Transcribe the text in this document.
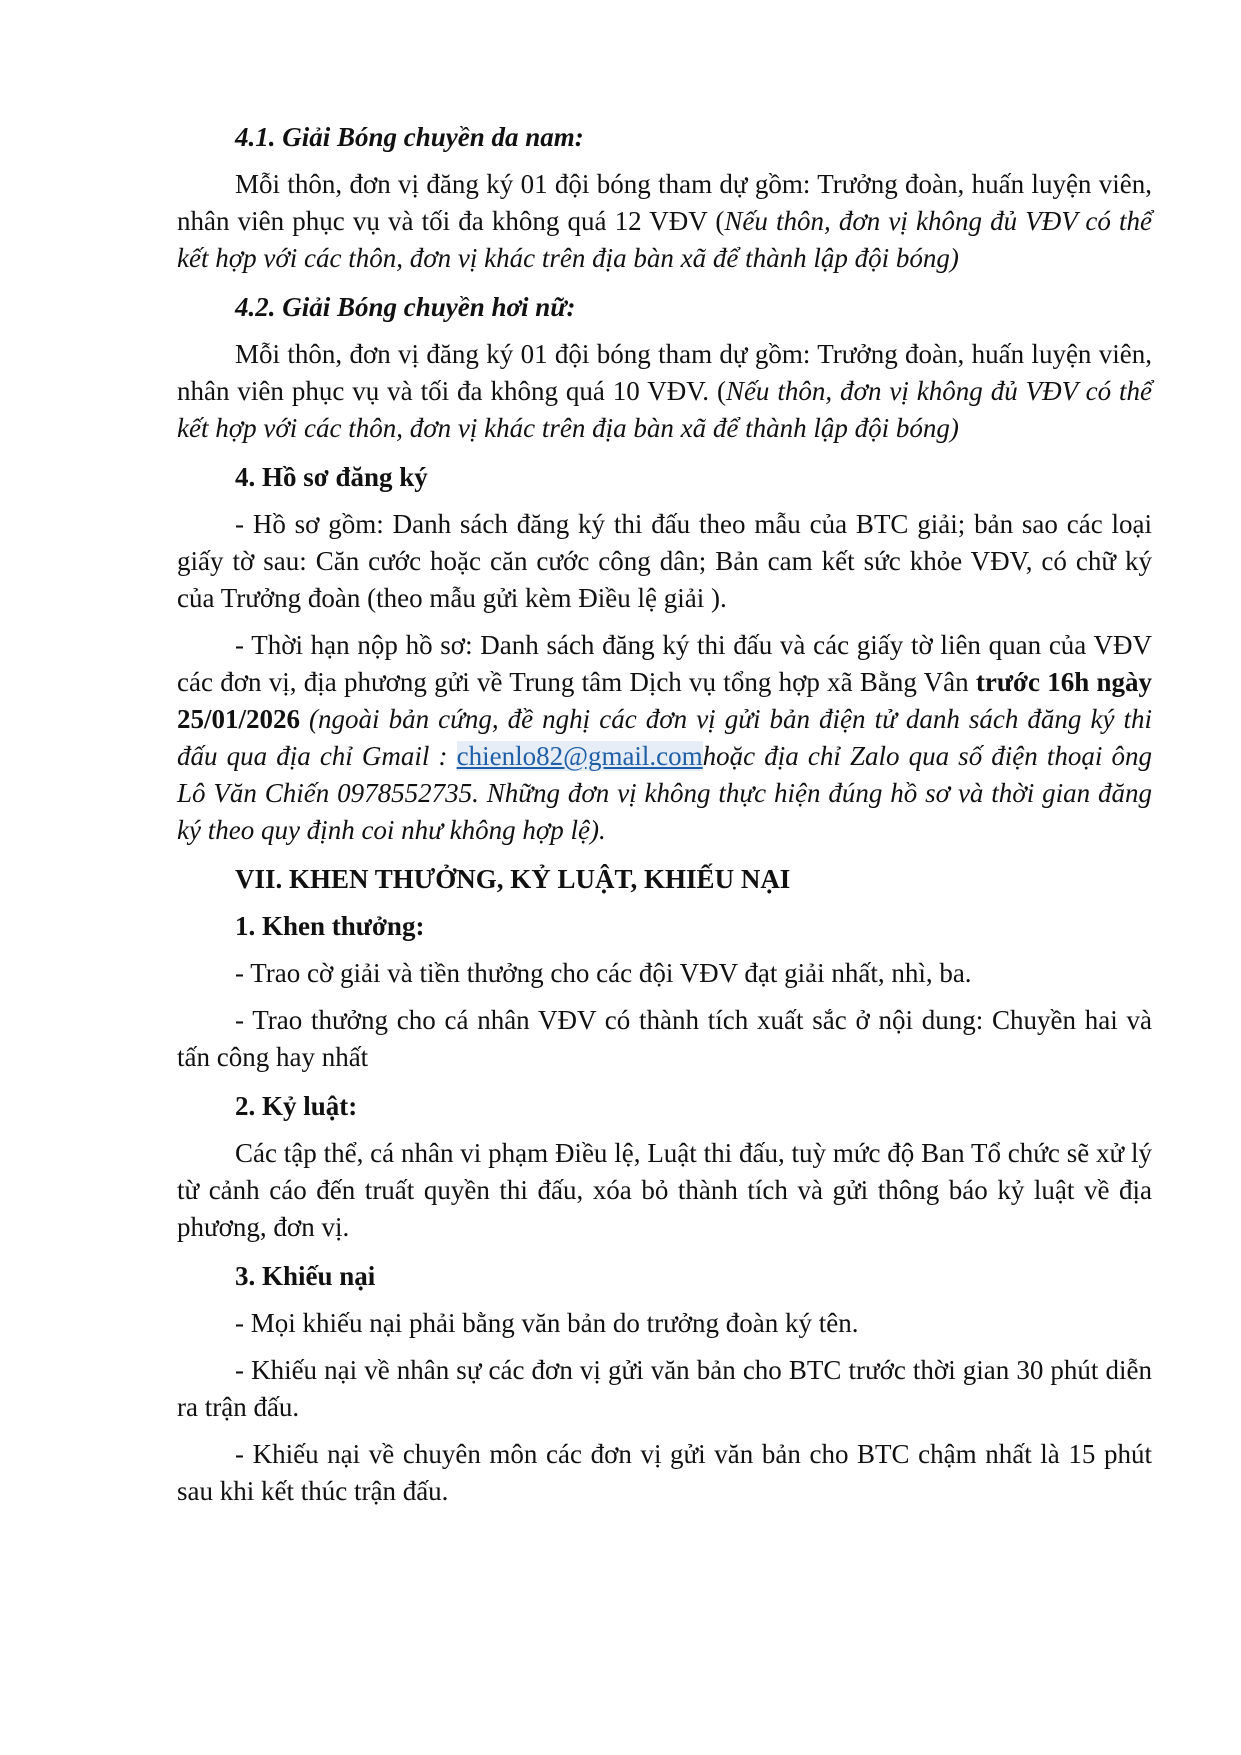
4.1. Giải Bóng chuyền da nam:

Mỗi thôn, đơn vị đăng ký 01 đội bóng tham dự gồm: Trưởng đoàn, huấn luyện viên, nhân viên phục vụ và tối đa không quá 12 VĐV (Nếu thôn, đơn vị không đủ VĐV có thể kết hợp với các thôn, đơn vị khác trên địa bàn xã để thành lập đội bóng)

4.2. Giải Bóng chuyền hơi nữ:

Mỗi thôn, đơn vị đăng ký 01 đội bóng tham dự gồm: Trưởng đoàn, huấn luyện viên, nhân viên phục vụ và tối đa không quá 10 VĐV. (Nếu thôn, đơn vị không đủ VĐV có thể kết hợp với các thôn, đơn vị khác trên địa bàn xã để thành lập đội bóng)

4. Hồ sơ đăng ký

- Hồ sơ gồm: Danh sách đăng ký thi đấu theo mẫu của BTC giải; bản sao các loại giấy tờ sau: Căn cước hoặc căn cước công dân; Bản cam kết sức khỏe VĐV, có chữ ký của Trưởng đoàn (theo mẫu gửi kèm Điều lệ giải ).

- Thời hạn nộp hồ sơ: Danh sách đăng ký thi đấu và các giấy tờ liên quan của VĐV các đơn vị, địa phương gửi về Trung tâm Dịch vụ tổng hợp xã Bằng Vân trước 16h ngày 25/01/2026 (ngoài bản cứng, đề nghị các đơn vị gửi bản điện tử danh sách đăng ký thi đấu qua địa chỉ Gmail : chienlo82@gmail.comhoặc địa chỉ Zalo qua số điện thoại ông Lô Văn Chiến 0978552735. Những đơn vị không thực hiện đúng hồ sơ và thời gian đăng ký theo quy định coi như không hợp lệ).

VII. KHEN THƯỞNG, KỶ LUẬT, KHIẾU NẠI

1. Khen thưởng:

- Trao cờ giải và tiền thưởng cho các đội VĐV đạt giải nhất, nhì, ba.

- Trao thưởng cho cá nhân VĐV có thành tích xuất sắc ở nội dung: Chuyền hai và tấn công hay nhất

2. Kỷ luật:

Các tập thể, cá nhân vi phạm Điều lệ, Luật thi đấu, tuỳ mức độ Ban Tổ chức sẽ xử lý từ cảnh cáo đến truất quyền thi đấu, xóa bỏ thành tích và gửi thông báo kỷ luật về địa phương, đơn vị.

3. Khiếu nại

- Mọi khiếu nại phải bằng văn bản do trưởng đoàn ký tên.

- Khiếu nại về nhân sự các đơn vị gửi văn bản cho BTC trước thời gian 30 phút diễn ra trận đấu.

- Khiếu nại về chuyên môn các đơn vị gửi văn bản cho BTC chậm nhất là 15 phút sau khi kết thúc trận đấu.
